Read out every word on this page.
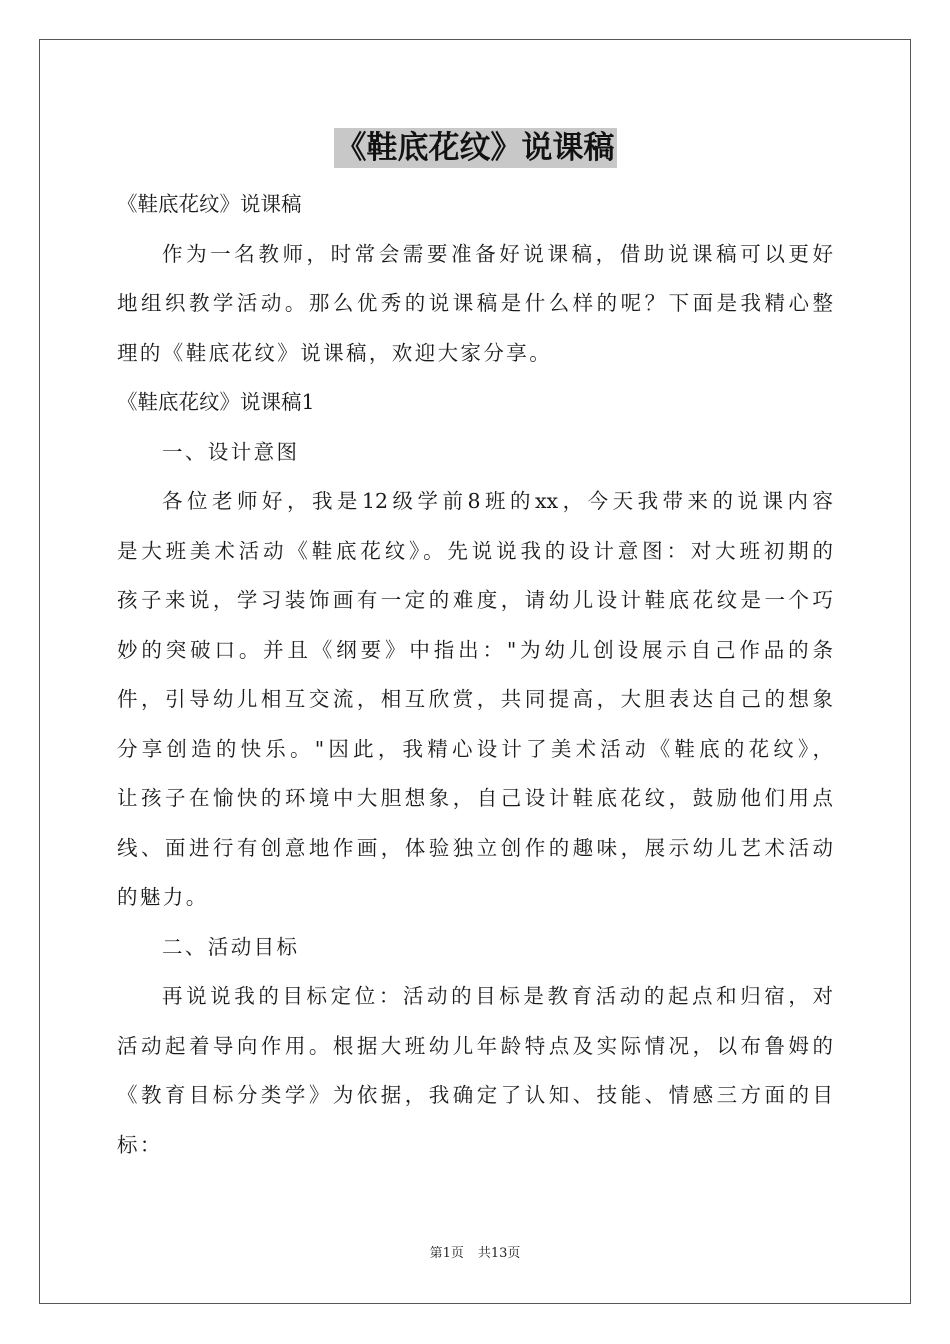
《鞋底花纹》说课稿
《鞋底花纹》说课稿
作为一名教师，时常会需要准备好说课稿，借助说课稿可以更好
地组织教学活动。那么优秀的说课稿是什么样的呢？下面是我精心整
理的《鞋底花纹》说课稿，欢迎大家分享。
《鞋底花纹》说课稿1
一、设计意图
各位老师好，我是12级学前8班的xx，今天我带来的说课内容
是大班美术活动《鞋底花纹》。先说说我的设计意图：对大班初期的
孩子来说，学习装饰画有一定的难度，请幼儿设计鞋底花纹是一个巧
妙的突破口。并且《纲要》中指出："为幼儿创设展示自己作品的条
件，引导幼儿相互交流，相互欣赏，共同提高，大胆表达自己的想象
分享创造的快乐。"因此，我精心设计了美术活动《鞋底的花纹》，
让孩子在愉快的环境中大胆想象，自己设计鞋底花纹，鼓励他们用点
线、面进行有创意地作画，体验独立创作的趣味，展示幼儿艺术活动
的魅力。
二、活动目标
再说说我的目标定位：活动的目标是教育活动的起点和归宿，对
活动起着导向作用。根据大班幼儿年龄特点及实际情况，以布鲁姆的
《教育目标分类学》为依据，我确定了认知、技能、情感三方面的目
标：
第1页 共13页
